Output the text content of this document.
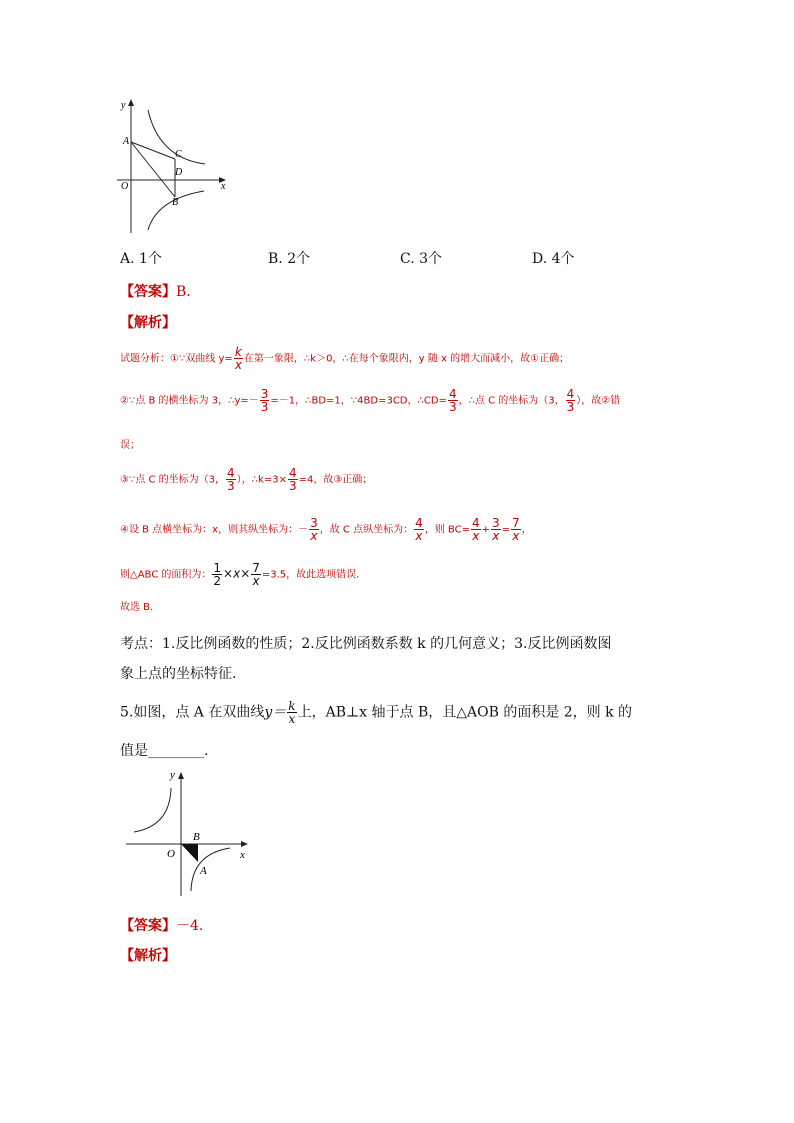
y
x
O
A
C
D
B
A. 1个	B. 2个	C. 3个	D. 4个
【答案】B.
【解析】
试题分析：①∵双曲线 $y= \frac{k}{x}$ 在第一象限，∴k＞0，∴在每个象限内，y 随 x 的增大而减小，故①正确；
②∵点 B 的横坐标为 3，∴y=－ $\frac{3}{3} =-1$，∴BD=1，∵4BD=3CD，∴CD= $\frac{4}{3}$ ，∴点 C 的坐标为（3， $\frac{4}{3}$ ），故②错
误；
③∵点 C 的坐标为（3， $\frac{4}{3}$ ），∴k=3× $\frac{4}{3} =4$，故③正确；
④设 B 点横坐标为：x，则其纵坐标为：－ $\frac{3}{x}$ ，故 C 点纵坐标为： $\frac{4}{x}$ ，则 $BC= \frac{4}{x} + \frac{3}{x} = \frac{7}{x}$ ，
则△ABC 的面积为： $\frac{1}{2} \times x\times \frac{7}{x} =3.5$，故此选项错误．
故选 B．
考点：1.反比例函数的性质；2.反比例函数系数 k 的几何意义；3.反比例函数图
象上点的坐标特征.
5.如图，点 A 在双曲线$y= \frac{k}{x}$ 上，AB⊥x 轴于点 B，且△AOB 的面积是 2，则 k 的
值是________.
y
x
O
B
A
【答案】－4.
【解析】
